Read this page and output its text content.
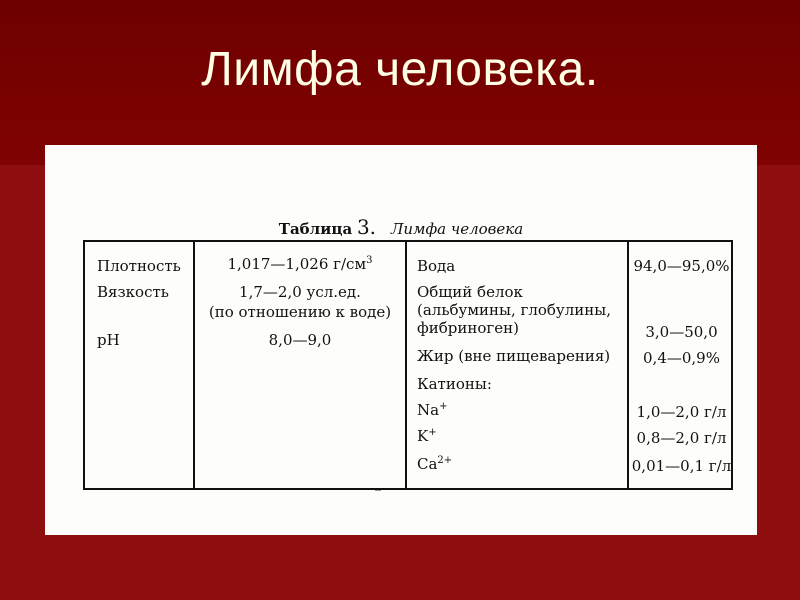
Лимфа человека.
Таблица 3. Лимфа человека
Плотность	1,017—1,026 $г/см^3$
Вязкость	1,7—2,0 усл.ед.
(по отношению к воде)
pH	8,0—9,0
Вода	94,0—95,0%
Общий белок
(альбумины, глобулины,
фибриноген)	3,0—50,0
Жир (вне пищеварения)	0,4—0,9%
Катионы:
Na+	1,0—2,0 г/л
K+	0,8—2,0 г/л
$Ca^{2+}$	0,01—0,1 г/л
